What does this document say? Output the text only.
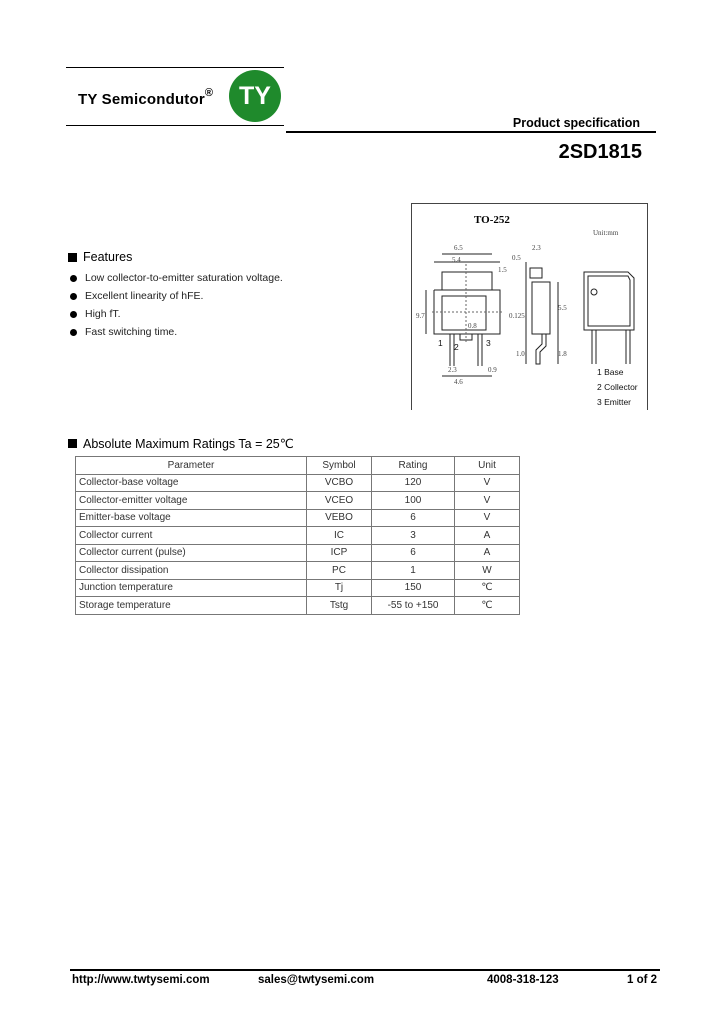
TY Semicondutor®	TY
Product specification
2SD1815
Features
Low collector-to-emitter saturation voltage.
Excellent linearity of hFE.
High fT.
Fast switching time.
TO-252
Unit:mm
6.5
5.4
2.3
0.5
1.5
9.7
0.8
0.125
1.0
2.3
4.6
0.9
1.8
5.5
1 2	3
1 Base
2 Collector
3 Emitter
Absolute Maximum Ratings Ta = 25℃
Parameter	Symbol	Rating	Unit
Collector-base voltage	VCBO	120	V
Collector-emitter voltage	VCEO	100	V
Emitter-base voltage	VEBO	6	V
Collector current	IC	3	A
Collector current (pulse)	ICP	6	A
Collector dissipation	PC	1	W
Junction temperature	Tj	150	℃
Storage temperature	Tstg	-55 to +150	℃
http://www.twtysemi.com	sales@twtysemi.com	4008-318-123	1 of 2
